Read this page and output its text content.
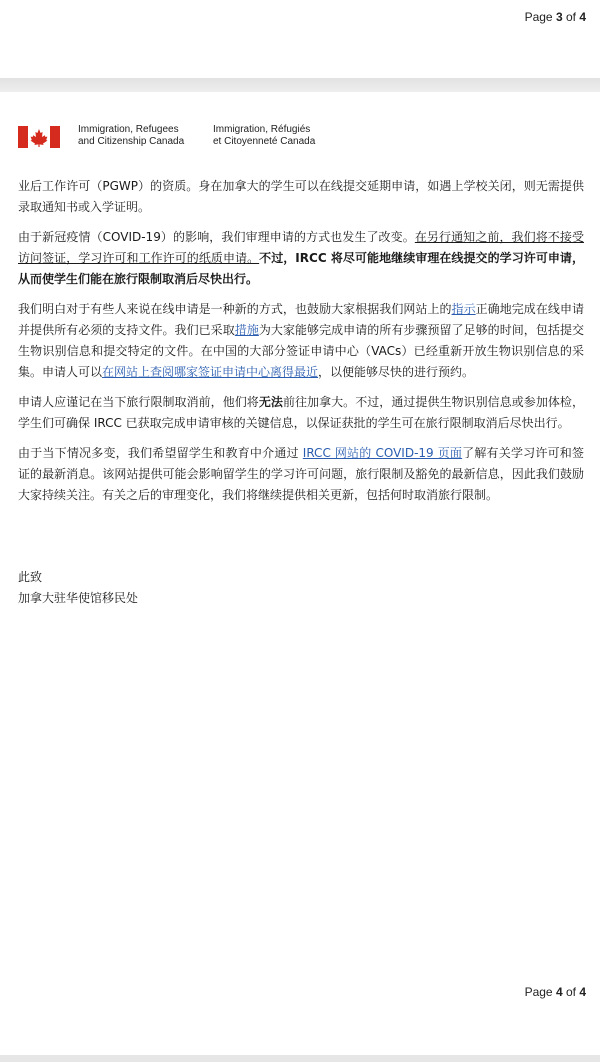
Page 3 of 4
Immigration, Refugees
and Citizenship Canada
Immigration, Réfugiés
et Citoyenneté Canada

业后工作许可（PGWP）的资质。身在加拿大的学生可以在线提交延期申请，如遇上学校关闭，则无需提供录取通知书或入学证明。

由于新冠疫情（COVID-19）的影响，我们审理申请的方式也发生了改变。在另行通知之前，我们将不接受访问签证，学习许可和工作许可的纸质申请。不过，IRCC 将尽可能地继续审理在线提交的学习许可申请，从而使学生们能在旅行限制取消后尽快出行。

我们明白对于有些人来说在线申请是一种新的方式，也鼓励大家根据我们网站上的指示正确地完成在线申请并提供所有必须的支持文件。我们已采取措施为大家能够完成申请的所有步骤预留了足够的时间，包括提交生物识别信息和提交特定的文件。在中国的大部分签证申请中心（VACs）已经重新开放生物识别信息的采集。申请人可以在网站上查阅哪家签证申请中心离得最近，以便能够尽快的进行预约。

申请人应谨记在当下旅行限制取消前，他们将无法前往加拿大。不过，通过提供生物识别信息或参加体检，学生们可确保 IRCC 已获取完成申请审核的关键信息，以保证获批的学生可在旅行限制取消后尽快出行。

由于当下情况多变，我们希望留学生和教育中介通过 IRCC 网站的 COVID-19 页面了解有关学习许可和签证的最新消息。该网站提供可能会影响留学生的学习许可问题，旅行限制及豁免的最新信息，因此我们鼓励大家持续关注。有关之后的审理变化，我们将继续提供相关更新，包括何时取消旅行限制。

此致
加拿大驻华使馆移民处
Page 4 of 4
